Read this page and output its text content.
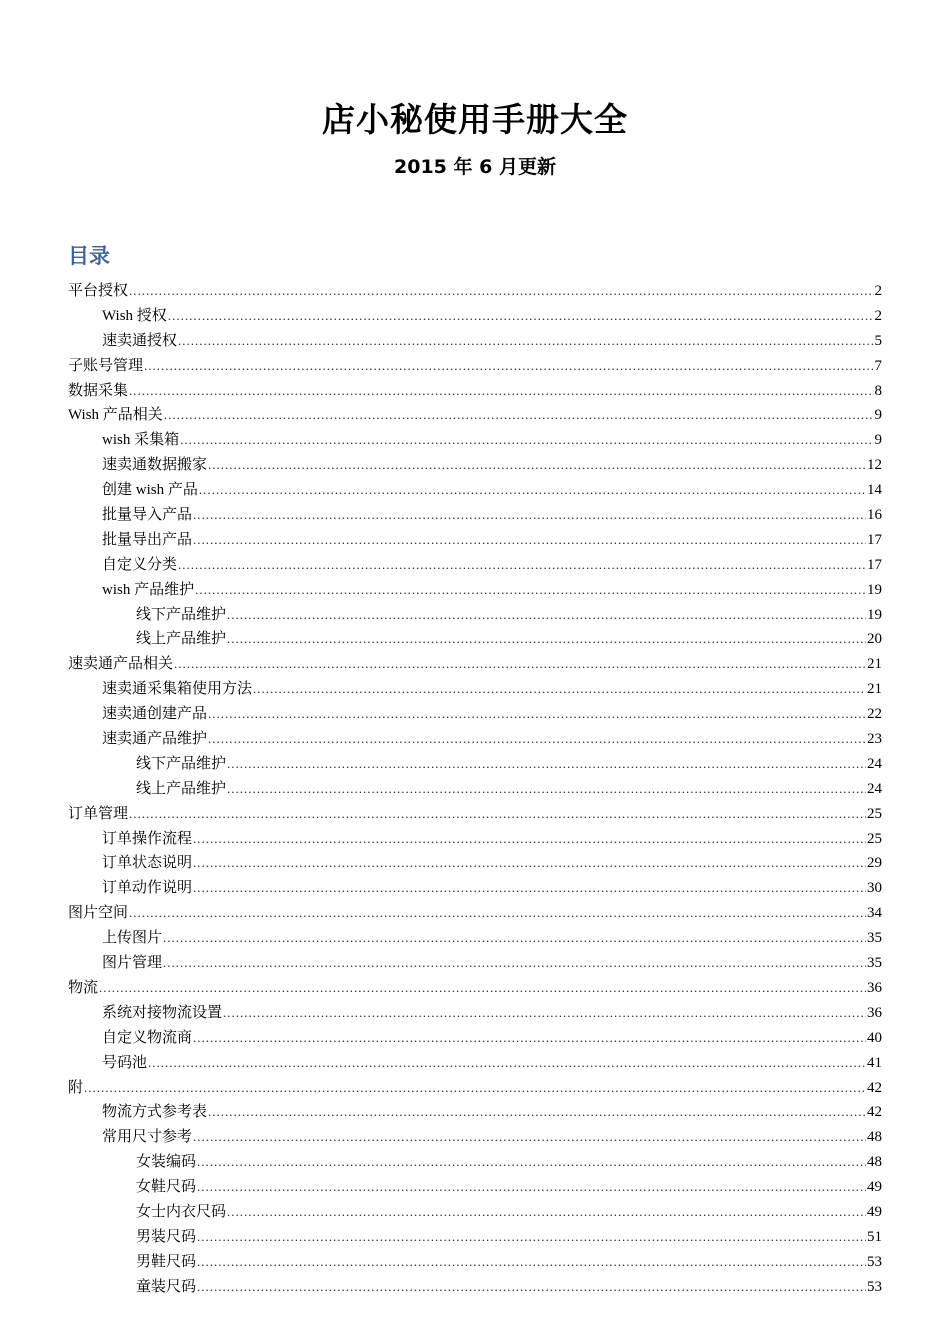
店小秘使用手册大全
2015 年 6 月更新
目录
平台授权 .....	2
Wish 授权 .....	2
速卖通授权 .....	5
子账号管理 .....	7
数据采集 .....	8
Wish 产品相关 .....	9
wish 采集箱 .....	9
速卖通数据搬家 .....	12
创建 wish 产品 .....	14
批量导入产品 .....	16
批量导出产品 .....	17
自定义分类 .....	17
wish 产品维护 .....	19
线下产品维护 .....	19
线上产品维护 .....	20
速卖通产品相关 .....	21
速卖通采集箱使用方法 .....	21
速卖通创建产品 .....	22
速卖通产品维护 .....	23
线下产品维护 .....	24
线上产品维护 .....	24
订单管理 .....	25
订单操作流程 .....	25
订单状态说明 .....	29
订单动作说明 .....	30
图片空间 .....	34
上传图片 .....	35
图片管理 .....	35
物流 .....	36
系统对接物流设置 .....	36
自定义物流商 .....	40
号码池 .....	41
附 .....	42
物流方式参考表 .....	42
常用尺寸参考 .....	48
女装编码 .....	48
女鞋尺码 .....	49
女士内衣尺码 .....	49
男装尺码 .....	51
男鞋尺码 .....	53
童装尺码 .....	53
